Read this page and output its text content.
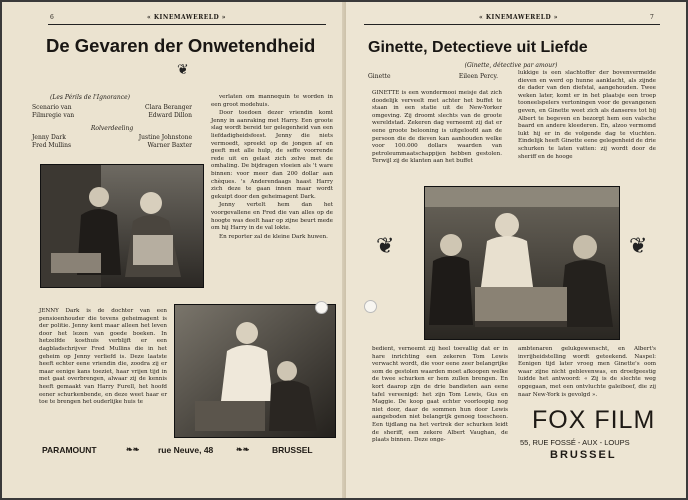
6	« KINEMAWERELD »
De Gevaren der Onwetendheid
❦
(Les Périls de l'Ignorance)
Scenario van	Clara Beranger
Filmregie van	Edward Dillon
Rolverdeeling
Jenny Dark	Justine Johnstone
Fred Mullins	Warner Baxter

verlaten om mannequin te worden in een groot modehuis.

Door toedoen dezer vriendin komt Jenny in aanraking met Harry. Een groote slag wordt bereid ter gelegenheid van een liefdadigheidsfeest. Jenny die niets vermoedt, spreekt op de jongen af en geeft met alle hulp, de seffe voorrende rede uit en gelast zich zelve met de omhaling. De bijdragen vloeien als 't ware binnen: voor meer dan 200 dollar aan chèques. 's Anderendaags haast Harry zich deze te gaan innen maar wordt gekuipt door den geheimagent Dark.

Jenny vertelt hem dan het voorgevallene en Fred die van alles op de hoogte was deelt haar op zijne beurt mede om hij Harry in de val lokte.

En reporter zal de kleine Dark huwen.

JENNY Dark is de dochter van een pensioenhouder die tevens geheimagent is der politie. Jenny kent maar alleen het leven door het lezen van goede boeken. In hetzelfde kosthuis verblijft er een dagbladschrijver Fred Mullins die in het geheim op Jenny verliefd is. Deze laatste heeft echter eene vriendin die, zoodra zij er maar eenige kans toeziet, haar vrijen tijd in met gaat overbrengen, alwaar zij de kennis heeft gemaakt van Harry Furell, het hoofd eener schurkenbende, en deze weet haar er toe te brengen het ouderlijke huis te
PARAMOUNT	❧❧ rue Neuve, 48	❧❧	BRUSSEL
« KINEMAWERELD »	7
Ginette, Detectieve uit Liefde
(Ginette, détective par amour)
Ginette	Eileen Percy.
GINETTE is een wondermooi meisje dat zich doodelijk verveelt met achter het buffet te staan in een statie uit de New-Yorker omgeving. Zij droomt slechts van de groote wereldstad. Zekeren dag verneemt zij dat er eene groote belooning is uitgeloofd aan de persoon die de dieven kan aanhouden welke voor 100.000 dollars waarden van petroleummaatschappijen hebben gestolen. Terwijl zij de klanten aan het buffet
lukkige is een slachtoffer der bovenvermelde dieven en werd op hunne aanklacht, als zijnde de dader van den diefstal, aangehouden. Twee weken later, komt er in het plaatsje een troep tooneelspelers vertoningen voor de gevangenen geven, en Ginette weet zich als danseres tot bij Albert te begeven en bezorgt hem een valsche baard en andere kleederen. En, alzoo vermomd lukt hij er in de volgende dag te vluchten. Eindelijk heeft Ginette eene gelegenheid de drie schurken te laten vatten: zij wordt door de sheriff en de hooge
❦	❦
bedient, verneemt zij heel toevallig dat er in hare inrichting een zekeren Tom Lewis verwacht wordt, die voor eene zeer belangrijke som de gestolen waarden moet afkoopen welke de twee schurken er hem zullen brengen. En kort daarop zijn de drie bandieten aan eene tafel vereenigd: het zijn Tom Lewis, Gus en Maggie. De koop gaat echter voorloopig nog niet door, daar de sommen hun door Lewis aangeboden niet belangrijk genoeg toescheen. Een tijdlang na het vertrek der schurken leidt de sheriff, een zekere Albert Vaughan, de plaats binnen. Deze onge-
ambtenaren gelukgewenscht, en Albert's invrijheidstelling wordt geteekend. Naspel: Eenigen tijd later vroeg men Ginette's oom waar zijne nicht geblevenwas, en droefgeestig luidde het antwoord: « Zij is de slechte weg opgegaan, met een ontvluchte galeiboef, die zij naar New-York is gevolgd ».
FOX FILM
55, RUE FOSSÉ - AUX - LOUPS
BRUSSEL
